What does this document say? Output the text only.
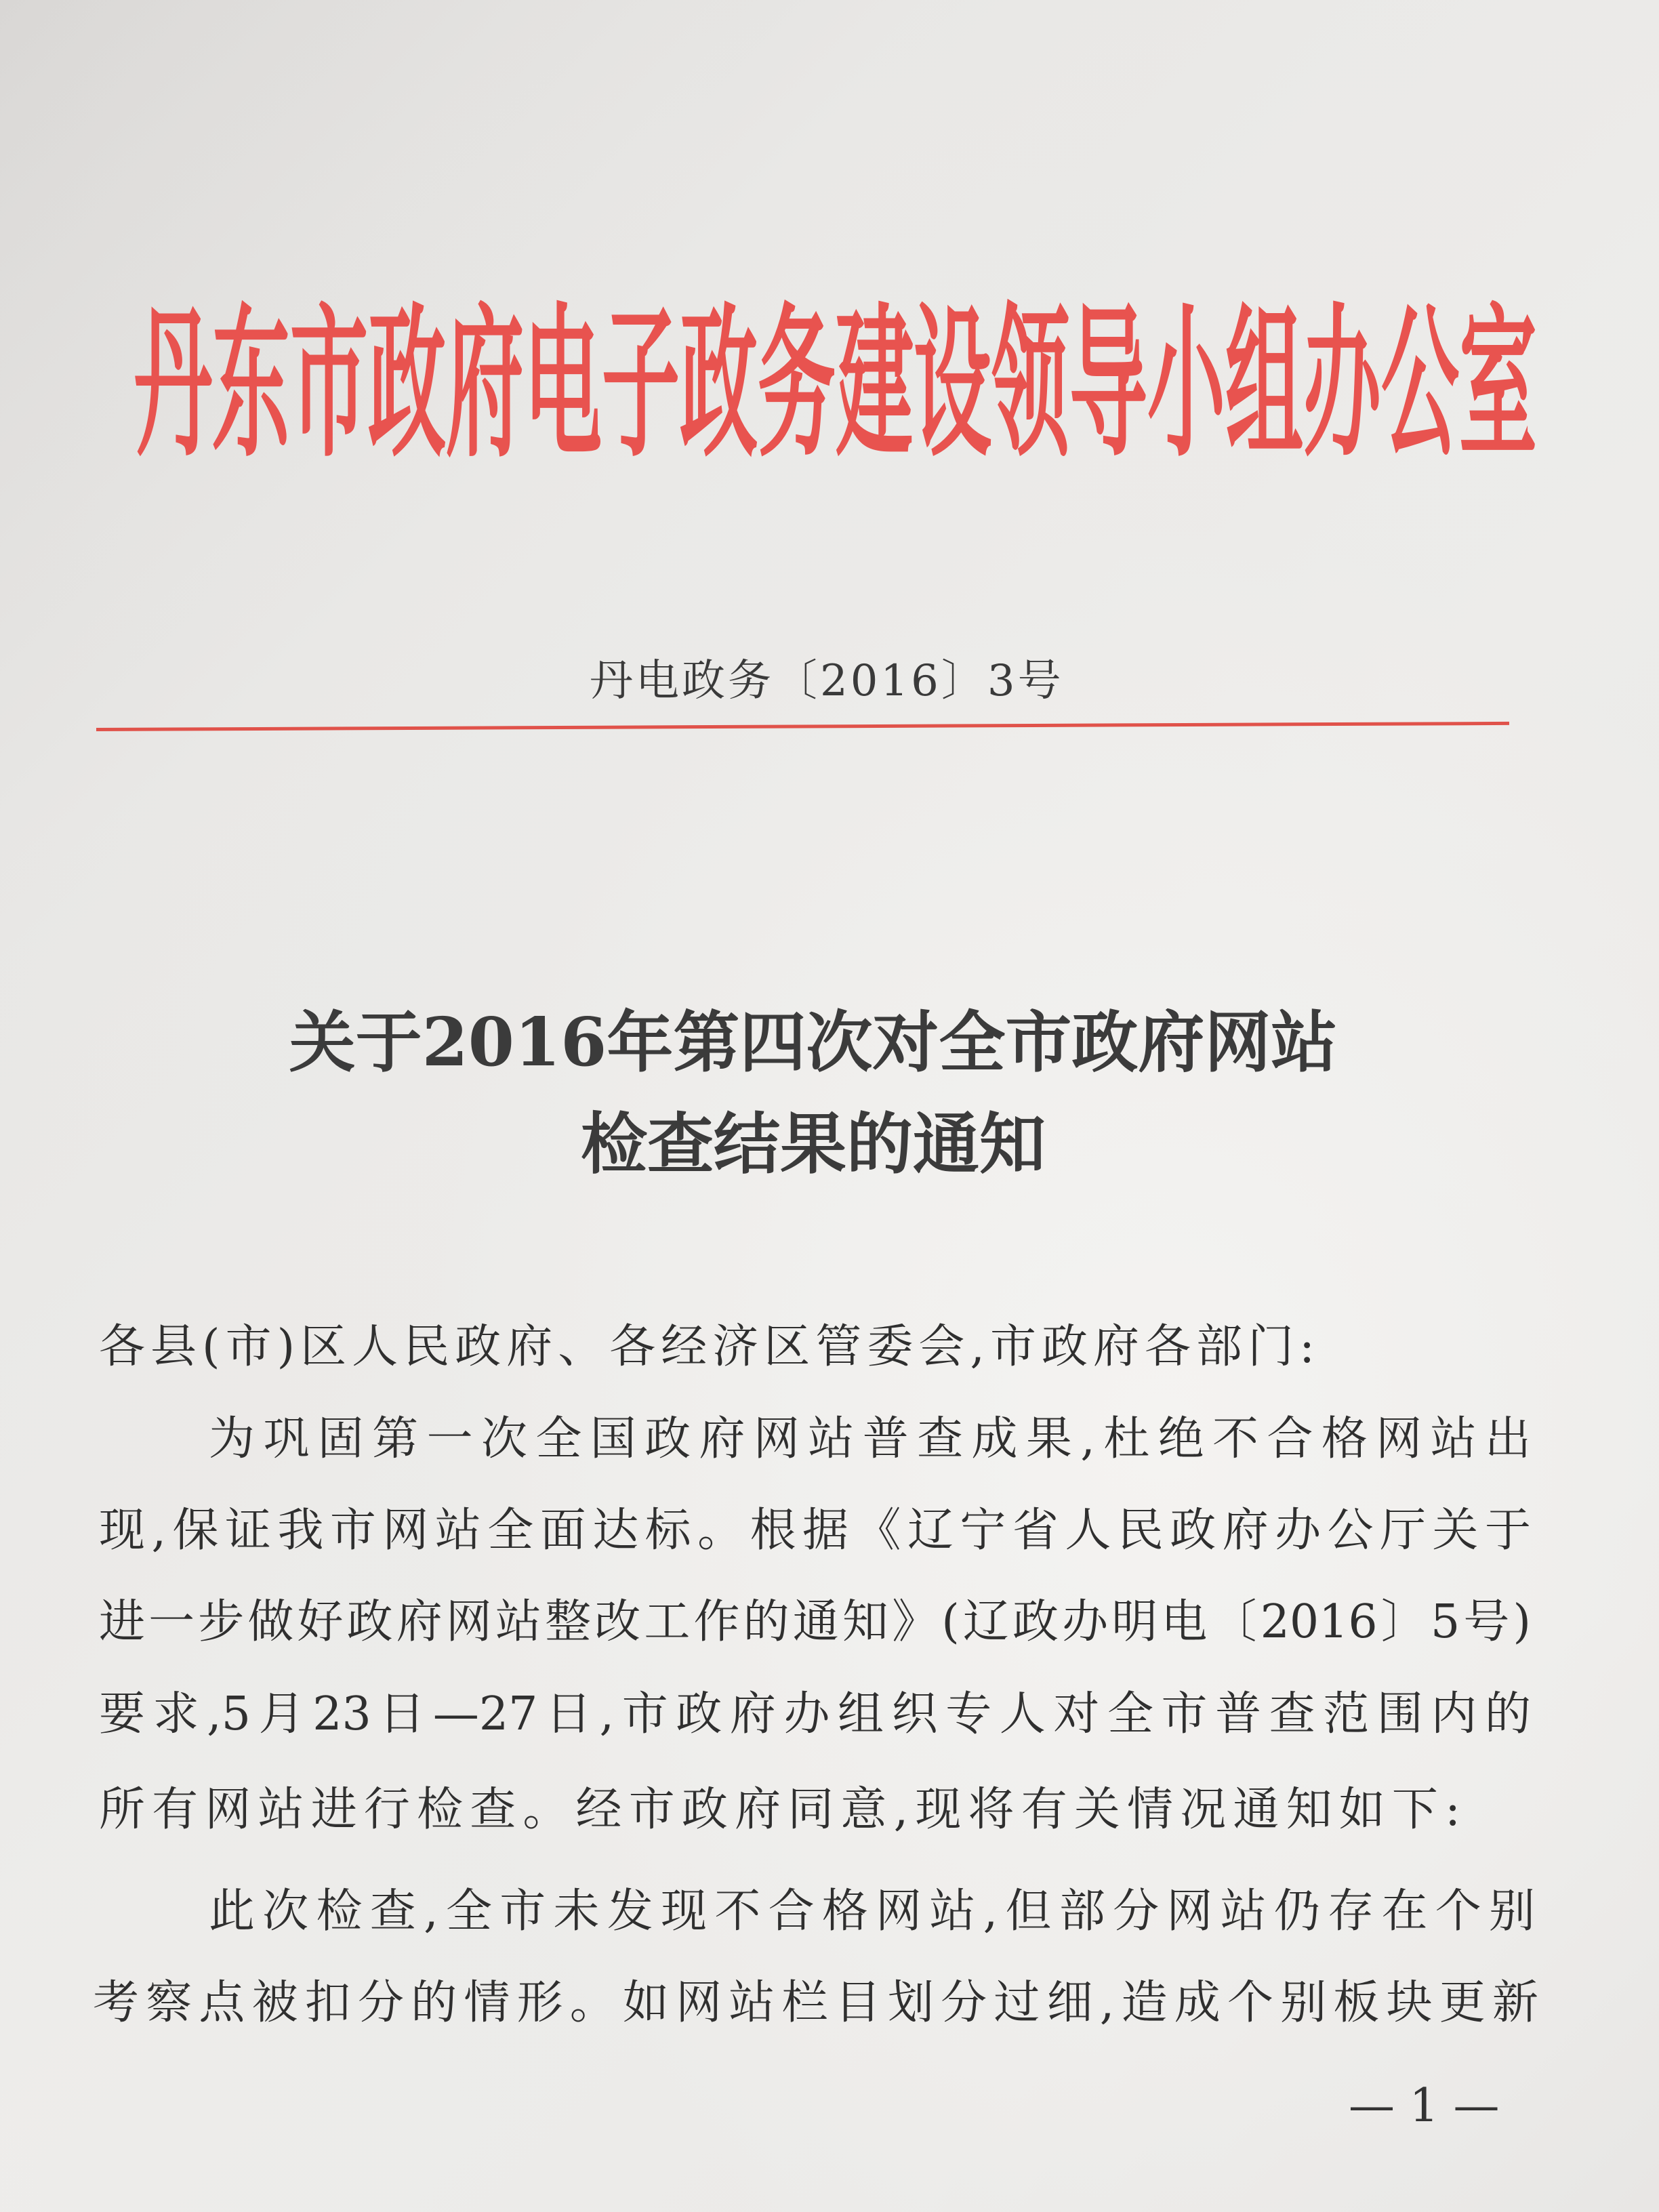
丹东市政府电子政务建设领导小组办公室
丹电政务〔2016〕3号
关于2016年第四次对全市政府网站
检查结果的通知
各县(市)区人民政府、各经济区管委会,市政府各部门:
为巩固第一次全国政府网站普查成果,杜绝不合格网站出
现,保证我市网站全面达标。根据《辽宁省人民政府办公厅关于
进一步做好政府网站整改工作的通知》(辽政办明电〔2016〕5号)
要求,5月23日—27日,市政府办组织专人对全市普查范围内的
所有网站进行检查。经市政府同意,现将有关情况通知如下:
此次检查,全市未发现不合格网站,但部分网站仍存在个别
考察点被扣分的情形。如网站栏目划分过细,造成个别板块更新
— 1 —
